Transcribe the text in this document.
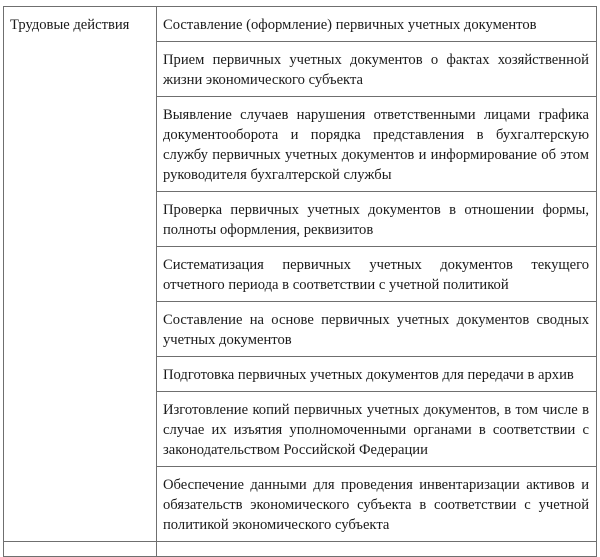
Трудовые действия	Составление (оформление) первичных учетных документов
	Прием первичных учетных документов о фактах хозяйственной жизни экономического субъекта
	Выявление случаев нарушения ответственными лицами графика документооборота и порядка представления в бухгалтерскую службу первичных учетных документов и информирование об этом руководителя бухгалтерской службы
	Проверка первичных учетных документов в отношении формы, полноты оформления, реквизитов
	Систематизация первичных учетных документов текущего отчетного периода в соответствии с учетной политикой
	Составление на основе первичных учетных документов сводных учетных документов
	Подготовка первичных учетных документов для передачи в архив
	Изготовление копий первичных учетных документов, в том числе в случае их изъятия уполномоченными органами в соответствии с законодательством Российской Федерации
	Обеспечение данными для проведения инвентаризации активов и обязательств экономического субъекта в соответствии с учетной политикой экономического субъекта
